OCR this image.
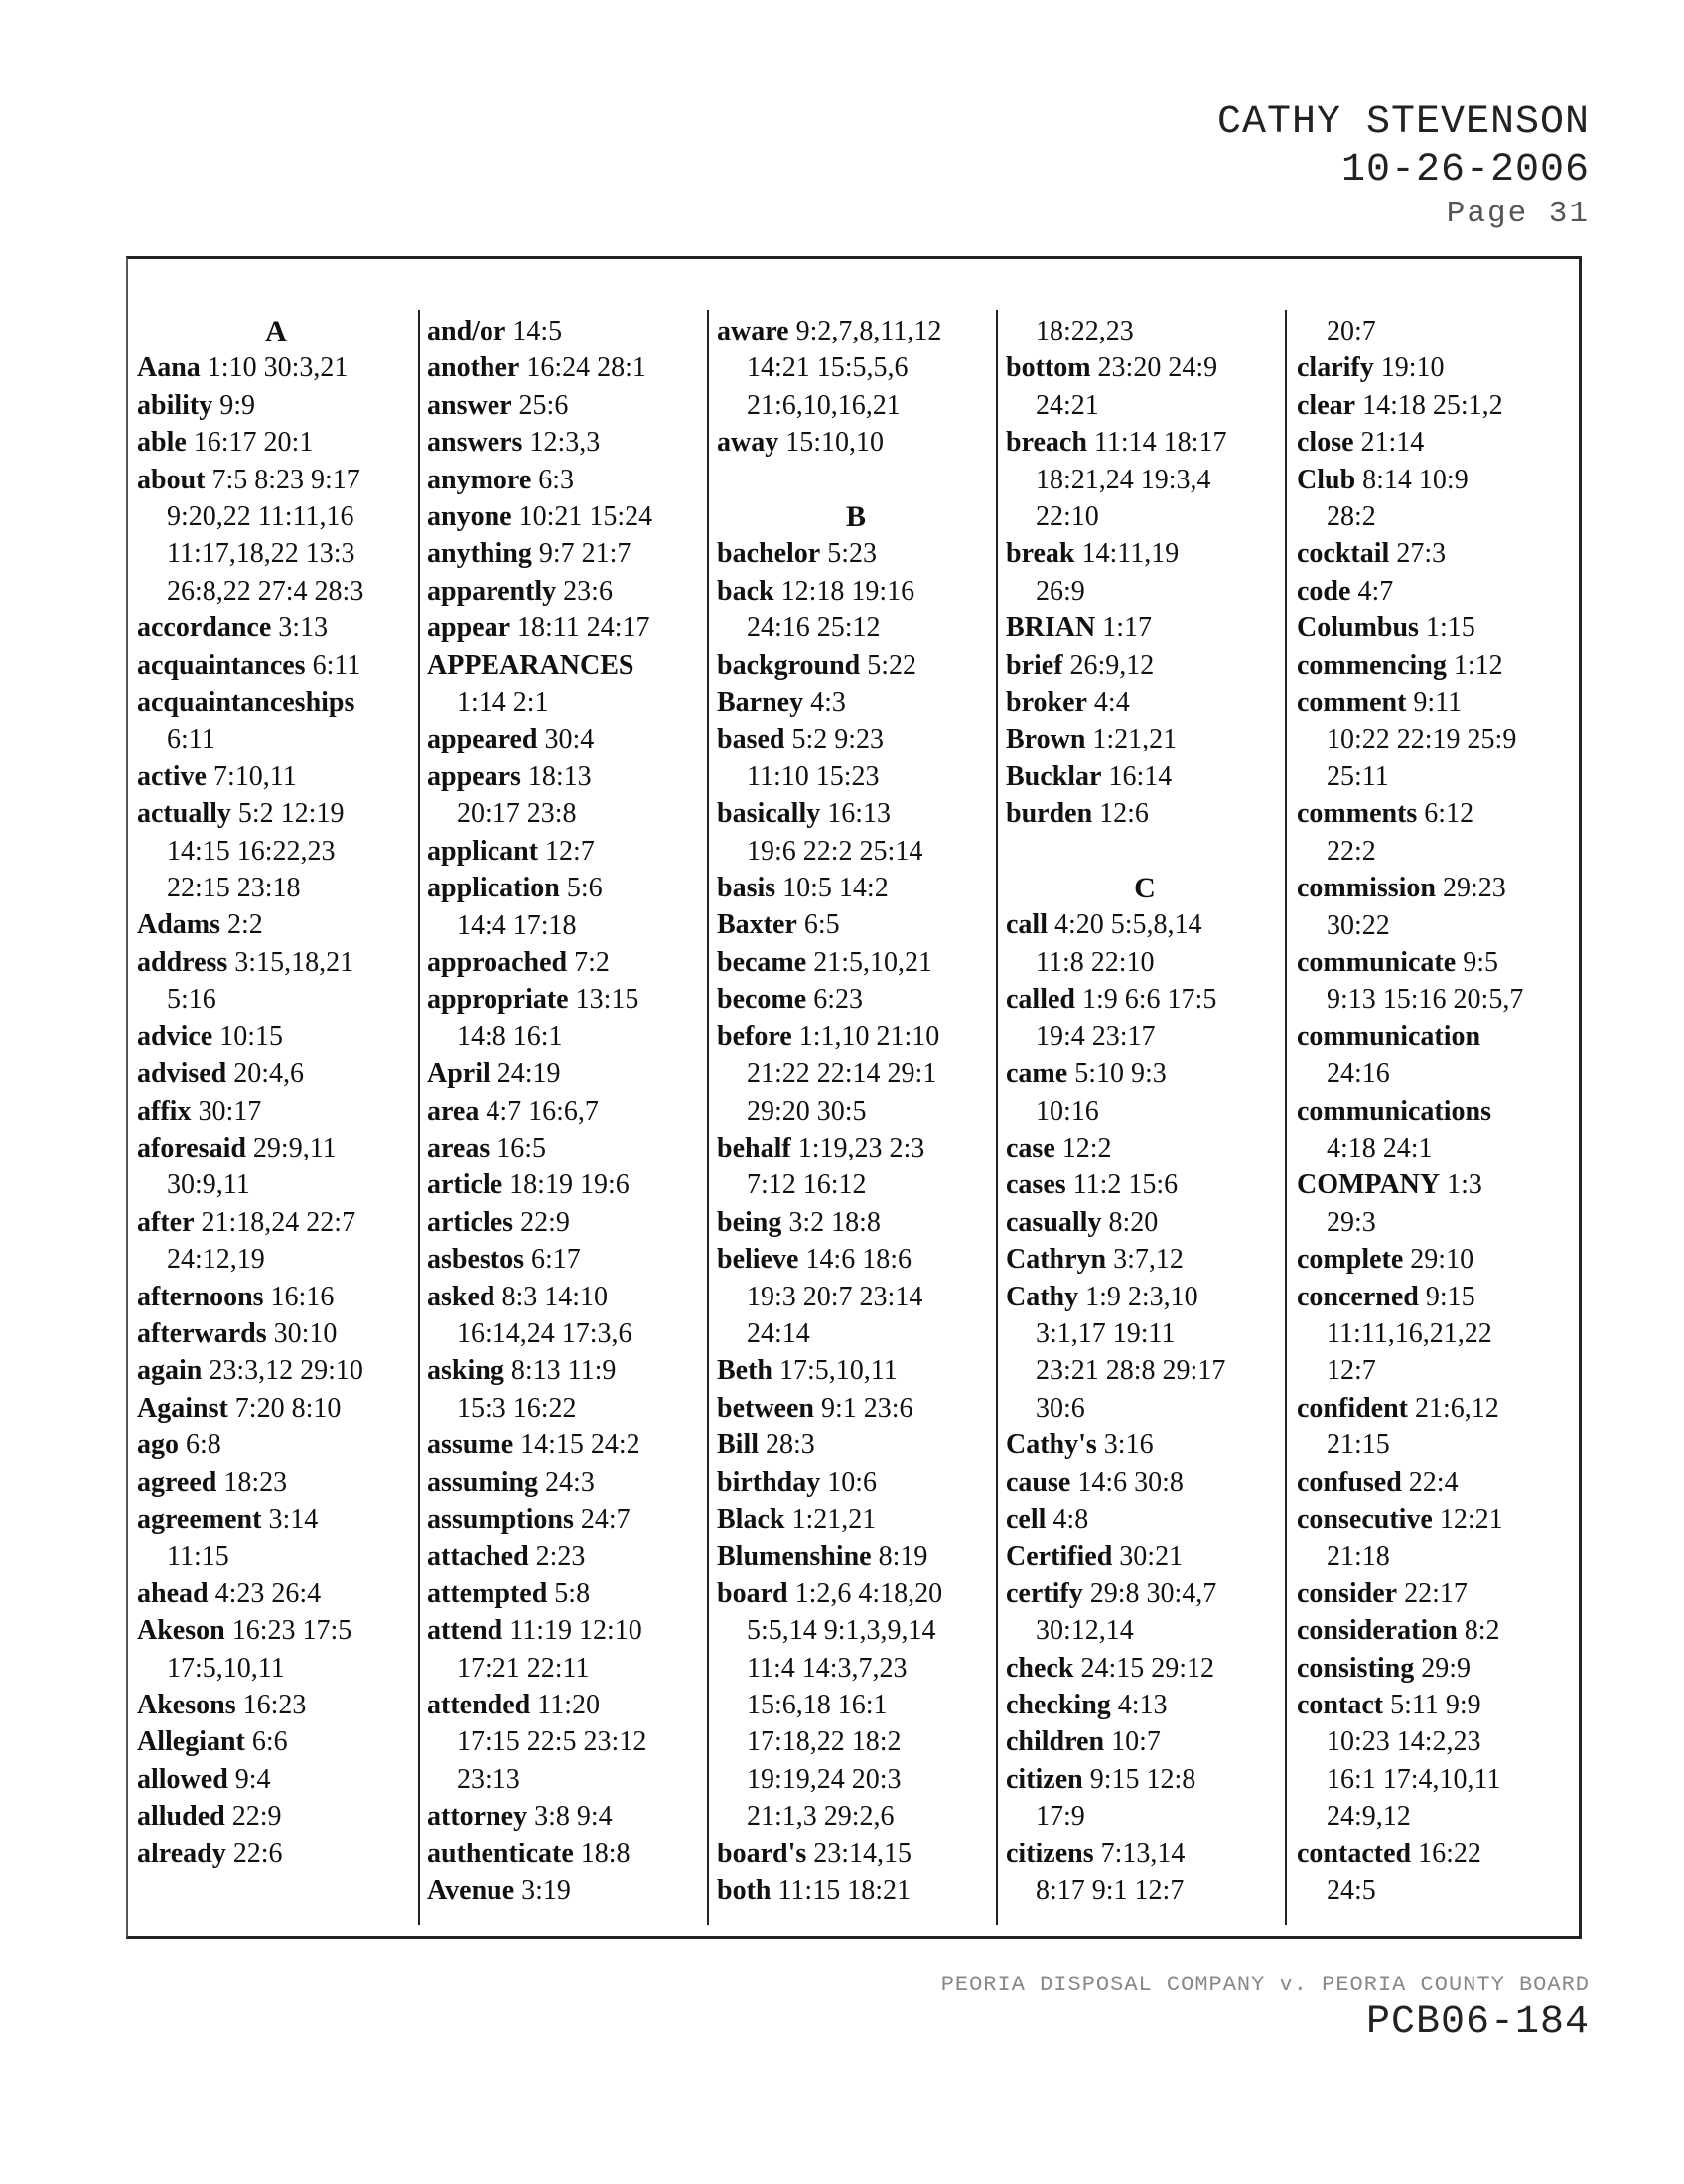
CATHY STEVENSON
10-26-2006
Page 31
A
Aana 1:10 30:3,21
ability 9:9
able 16:17 20:1
about 7:5 8:23 9:17
9:20,22 11:11,16
11:17,18,22 13:3
26:8,22 27:4 28:3
accordance 3:13
acquaintances 6:11
acquaintanceships
6:11
active 7:10,11
actually 5:2 12:19
14:15 16:22,23
22:15 23:18
Adams 2:2
address 3:15,18,21
5:16
advice 10:15
advised 20:4,6
affix 30:17
aforesaid 29:9,11
30:9,11
after 21:18,24 22:7
24:12,19
afternoons 16:16
afterwards 30:10
again 23:3,12 29:10
Against 7:20 8:10
ago 6:8
agreed 18:23
agreement 3:14
11:15
ahead 4:23 26:4
Akeson 16:23 17:5
17:5,10,11
Akesons 16:23
Allegiant 6:6
allowed 9:4
alluded 22:9
already 22:6
and/or 14:5
another 16:24 28:1
answer 25:6
answers 12:3,3
anymore 6:3
anyone 10:21 15:24
anything 9:7 21:7
apparently 23:6
appear 18:11 24:17
APPEARANCES
1:14 2:1
appeared 30:4
appears 18:13
20:17 23:8
applicant 12:7
application 5:6
14:4 17:18
approached 7:2
appropriate 13:15
14:8 16:1
April 24:19
area 4:7 16:6,7
areas 16:5
article 18:19 19:6
articles 22:9
asbestos 6:17
asked 8:3 14:10
16:14,24 17:3,6
asking 8:13 11:9
15:3 16:22
assume 14:15 24:2
assuming 24:3
assumptions 24:7
attached 2:23
attempted 5:8
attend 11:19 12:10
17:21 22:11
attended 11:20
17:15 22:5 23:12
23:13
attorney 3:8 9:4
authenticate 18:8
Avenue 3:19
aware 9:2,7,8,11,12
14:21 15:5,5,6
21:6,10,16,21
away 15:10,10
B
bachelor 5:23
back 12:18 19:16
24:16 25:12
background 5:22
Barney 4:3
based 5:2 9:23
11:10 15:23
basically 16:13
19:6 22:2 25:14
basis 10:5 14:2
Baxter 6:5
became 21:5,10,21
become 6:23
before 1:1,10 21:10
21:22 22:14 29:1
29:20 30:5
behalf 1:19,23 2:3
7:12 16:12
being 3:2 18:8
believe 14:6 18:6
19:3 20:7 23:14
24:14
Beth 17:5,10,11
between 9:1 23:6
Bill 28:3
birthday 10:6
Black 1:21,21
Blumenshine 8:19
board 1:2,6 4:18,20
5:5,14 9:1,3,9,14
11:4 14:3,7,23
15:6,18 16:1
17:18,22 18:2
19:19,24 20:3
21:1,3 29:2,6
board's 23:14,15
both 11:15 18:21
18:22,23
bottom 23:20 24:9
24:21
breach 11:14 18:17
18:21,24 19:3,4
22:10
break 14:11,19
26:9
BRIAN 1:17
brief 26:9,12
broker 4:4
Brown 1:21,21
Bucklar 16:14
burden 12:6
C
call 4:20 5:5,8,14
11:8 22:10
called 1:9 6:6 17:5
19:4 23:17
came 5:10 9:3
10:16
case 12:2
cases 11:2 15:6
casually 8:20
Cathryn 3:7,12
Cathy 1:9 2:3,10
3:1,17 19:11
23:21 28:8 29:17
30:6
Cathy's 3:16
cause 14:6 30:8
cell 4:8
Certified 30:21
certify 29:8 30:4,7
30:12,14
check 24:15 29:12
checking 4:13
children 10:7
citizen 9:15 12:8
17:9
citizens 7:13,14
8:17 9:1 12:7
20:7
clarify 19:10
clear 14:18 25:1,2
close 21:14
Club 8:14 10:9
28:2
cocktail 27:3
code 4:7
Columbus 1:15
commencing 1:12
comment 9:11
10:22 22:19 25:9
25:11
comments 6:12
22:2
commission 29:23
30:22
communicate 9:5
9:13 15:16 20:5,7
communication
24:16
communications
4:18 24:1
COMPANY 1:3
29:3
complete 29:10
concerned 9:15
11:11,16,21,22
12:7
confident 21:6,12
21:15
confused 22:4
consecutive 12:21
21:18
consider 22:17
consideration 8:2
consisting 29:9
contact 5:11 9:9
10:23 14:2,23
16:1 17:4,10,11
24:9,12
contacted 16:22
24:5
PEORIA DISPOSAL COMPANY v. PEORIA COUNTY BOARD
PCB06-184
